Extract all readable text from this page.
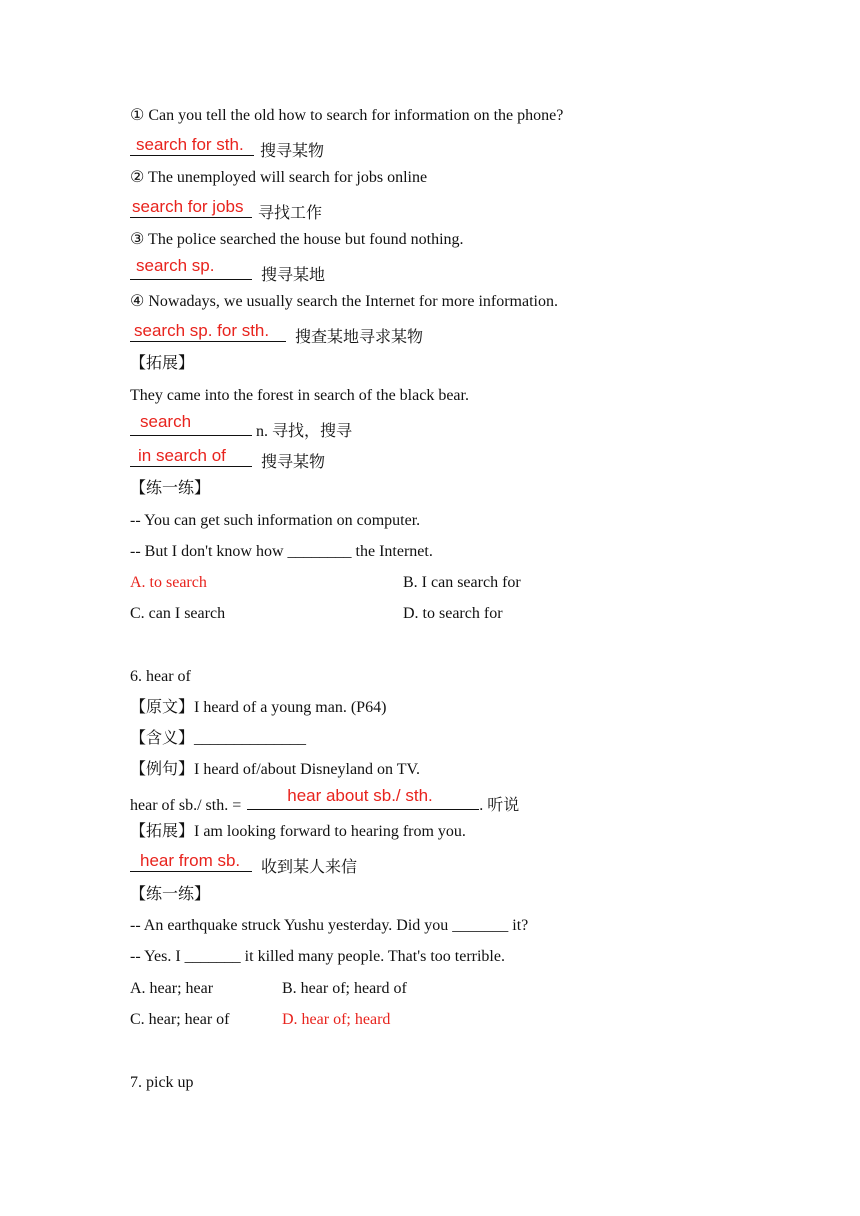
① Can you tell the old how to search for information on the phone?
search for sth. 搜寻某物
② The unemployed will search for jobs online
search for jobs 寻找工作
③ The police searched the house but found nothing.
search sp.
搜寻某地
④ Nowadays, we usually search the Internet for more information.
search sp. for sth. 搜查某地寻求某物
【拓展】
They came into the forest in search of the black bear.
search
n. 寻找，搜寻
in search of 搜寻某物
【练一练】
-- You can get such information on computer.
-- But I don't know how ________ the Internet.
A. to search	B. I can search for
C. can I search	D. to search for
6. hear of
【原文】I heard of a young man. (P64)
【含义】______________
【例句】I heard of/about Disneyland on TV.
hear of sb./ sth. =
hear about sb./ sth.
. 听说
【拓展】I am looking forward to hearing from you.
hear from sb. 收到某人来信
【练一练】
-- An earthquake struck Yushu yesterday. Did you _______ it?
-- Yes. I _______ it killed many people. That's too terrible.
A. hear; hear	B. hear of; heard of
C. hear; hear of	D. hear of; heard
7. pick up
